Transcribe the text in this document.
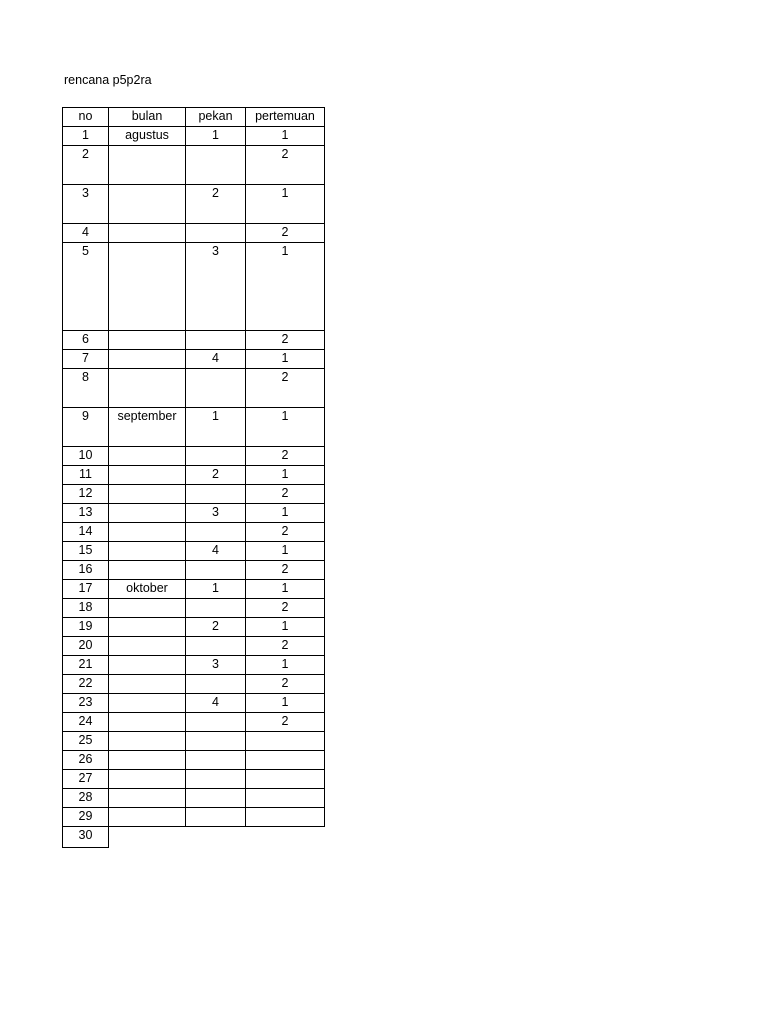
rencana p5p2ra
no	bulan	pekan	pertemuan
1	agustus	1	1
2			2
3		2	1
4			2
5		3	1
6			2
7		4	1
8			2
9	september	1	1
10			2
11		2	1
12			2
13		3	1
14			2
15		4	1
16			2
17	oktober	1	1
18			2
19		2	1
20			2
21		3	1
22			2
23		4	1
24			2
25			
26			
27			
28			
29			
30			
